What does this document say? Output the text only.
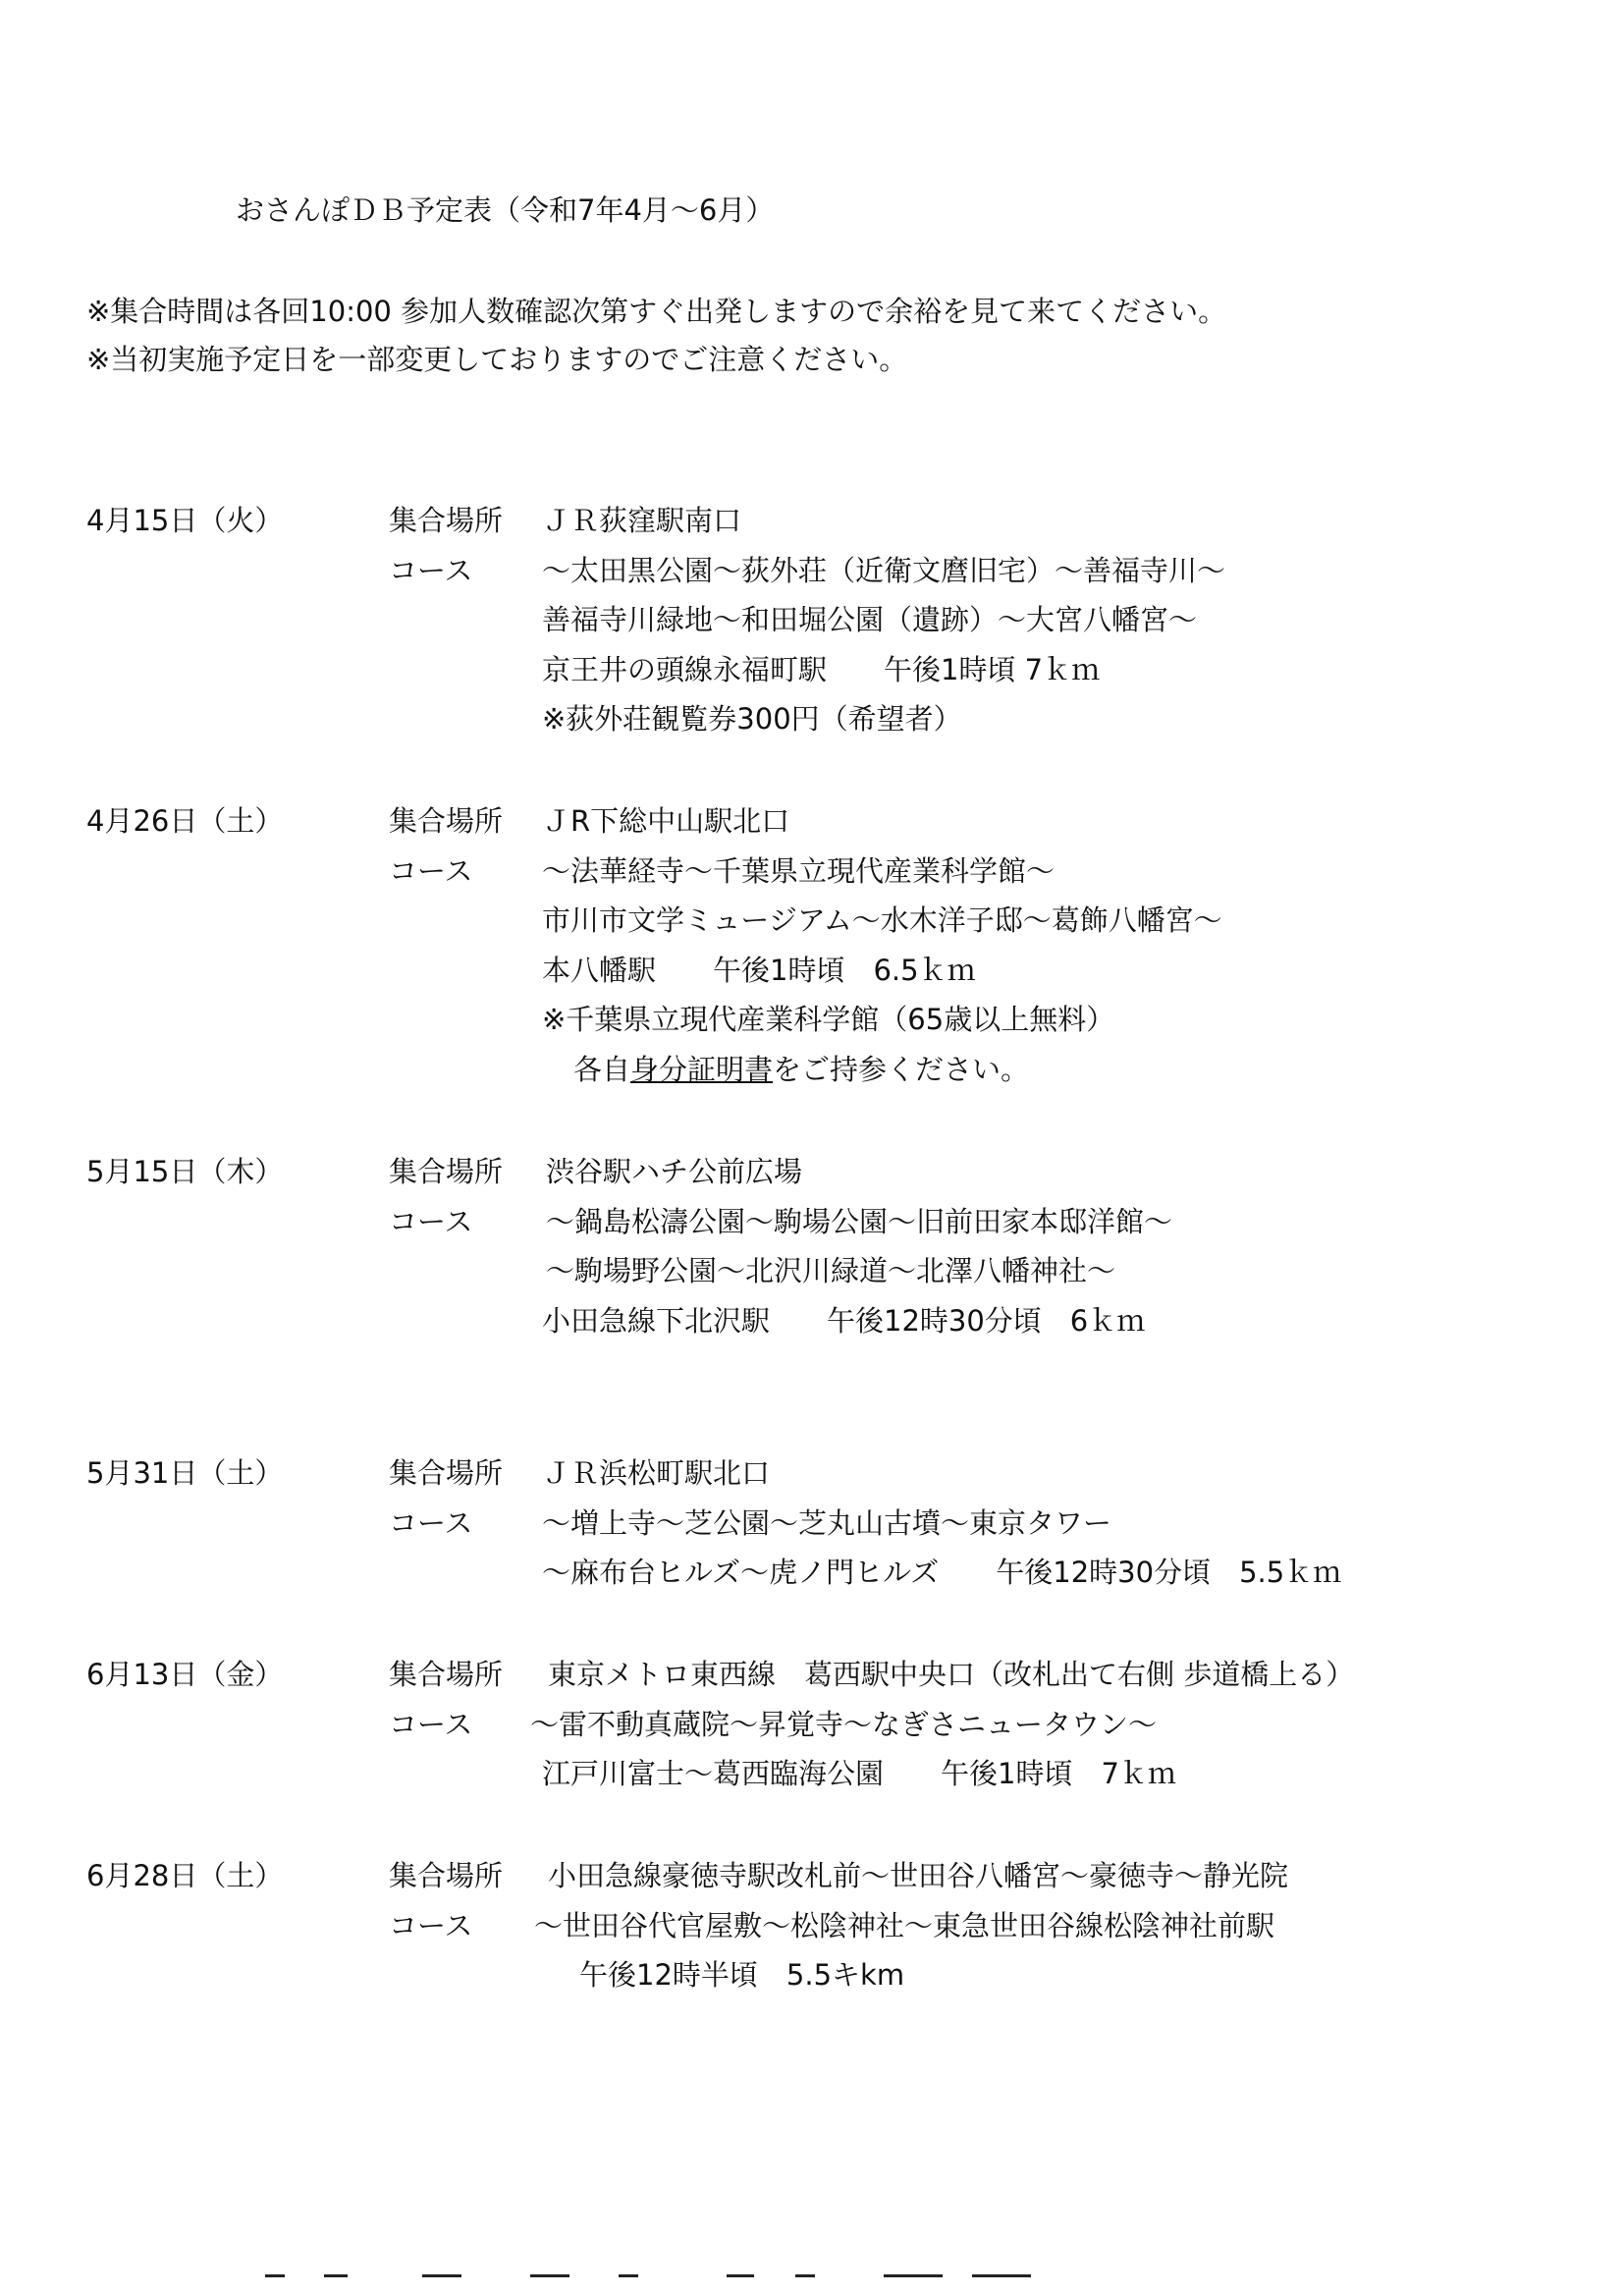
おさんぽＤＢ予定表（令和7年4月〜6月）
※集合時間は各回10:00 参加人数確認次第すぐ出発しますので余裕を見て来てください。
※当初実施予定日を一部変更しておりますのでご注意ください。
4月15日（火）	集合場所 ＪＲ荻窪駅南口
コース 〜太田黒公園〜荻外荘（近衛文麿旧宅）〜善福寺川〜
善福寺川緑地〜和田堀公園（遺跡）〜大宮八幡宮〜
京王井の頭線永福町駅　　午後1時頃 7ｋｍ
※荻外荘観覧券300円（希望者）
4月26日（土）	集合場所 ＪR下総中山駅北口
コース 〜法華経寺〜千葉県立現代産業科学館〜
市川市文学ミュージアム〜水木洋子邸〜葛飾八幡宮〜
本八幡駅　　午後1時頃　6.5ｋｍ
※千葉県立現代産業科学館（65歳以上無料）
各自身分証明書をご持参ください。
5月15日（木）	集合場所 渋谷駅ハチ公前広場
コース	〜鍋島松濤公園〜駒場公園〜旧前田家本邸洋館〜
〜駒場野公園〜北沢川緑道〜北澤八幡神社〜
小田急線下北沢駅　　午後12時30分頃　6ｋｍ
5月31日（土）	集合場所 ＪＲ浜松町駅北口
コース 〜増上寺〜芝公園〜芝丸山古墳〜東京タワー
〜麻布台ヒルズ〜虎ノ門ヒルズ　　午後12時30分頃　5.5ｋｍ
6月13日（金）	集合場所 東京メトロ東西線　葛西駅中央口（改札出て右側 歩道橋上る）
コース 〜雷不動真蔵院〜昇覚寺〜なぎさニュータウン〜
江戸川富士〜葛西臨海公園　　午後1時頃　7ｋｍ
6月28日（土）	集合場所 小田急線豪徳寺駅改札前〜世田谷八幡宮〜豪徳寺〜静光院
コース 〜世田谷代官屋敷〜松陰神社〜東急世田谷線松陰神社前駅
午後12時半頃　5.5キkm
